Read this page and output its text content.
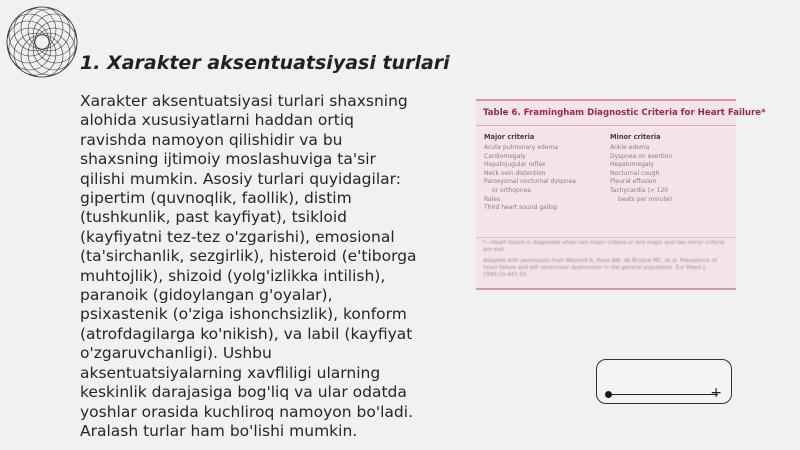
1. Xarakter aksentuatsiyasi turlari

Xarakter aksentuatsiyasi turlari shaxsning alohida xususiyatlarni haddan ortiq ravishda namoyon qilishidir va bu shaxsning ijtimoiy moslashuviga ta'sir qilishi mumkin. Asosiy turlari quyidagilar: gipertim (quvnoqlik, faollik), distim (tushkunlik, past kayfiyat), tsikloid (kayfiyatni tez-tez o'zgarishi), emosional (ta'sirchanlik, sezgirlik), histeroid (e'tiborga muhtojlik), shizoid (yolg'izlikka intilish), paranoik (gidoylangan g'oyalar), psixastenik (o'ziga ishonchsizlik), konform (atrofdagilarga ko'nikish), va labil (kayfiyat o'zgaruvchanligi). Ushbu aksentuatsiyalarning xavfliligi ularning keskinlik darajasiga bog'liq va ular odatda yoshlar orasida kuchliroq namoyon bo'ladi. Aralash turlar ham bo'lishi mumkin.

Table 6. Framingham Diagnostic Criteria for Heart Failure*
Major criteria	Minor criteria
Acute pulmonary edema
Cardiomegaly
Hepatojugular reflex
Neck vein distention
Paroxysmal nocturnal dyspnea
or orthopnea
Rales
Third heart sound gallop
Ankle edema
Dyspnea on exertion
Hepatomegaly
Nocturnal cough
Pleural effusion
Tachycardia (> 120
beats per minute)

*—Heart failure is diagnosed when two major criteria or one major and two minor criteria are met.

Adapted with permission from Mosterd A, Hoes AW, de Bruijne MC, et al. Prevalence of heart failure and left ventricular dysfunction in the general population. Eur Heart J. 1999;20:447-55.

+
